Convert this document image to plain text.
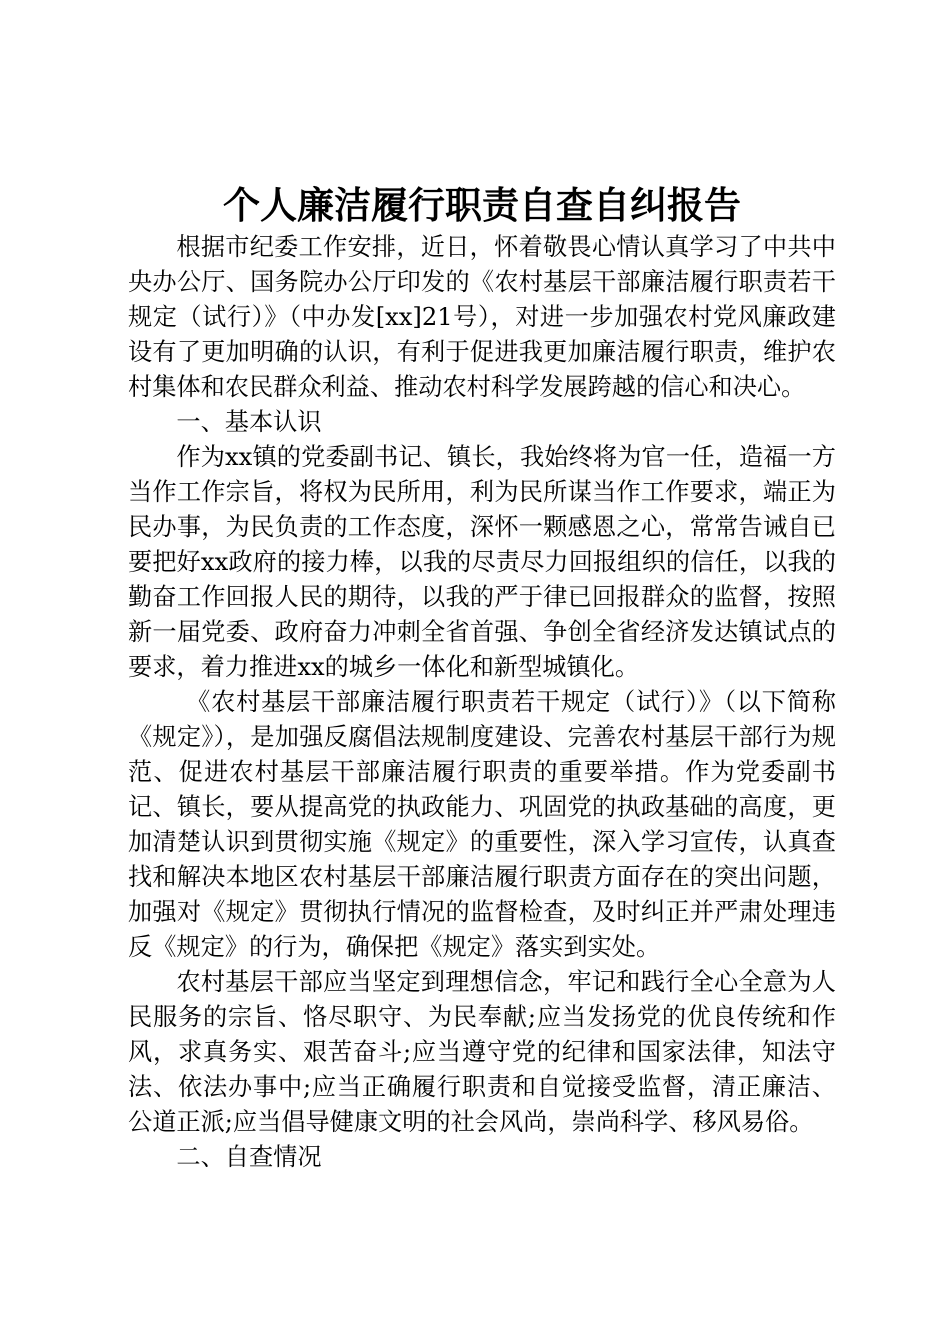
个人廉洁履行职责自查自纠报告

根据市纪委工作安排，近日，怀着敬畏心情认真学习了中共中央办公厅、国务院办公厅印发的《农村基层干部廉洁履行职责若干规定（试行）》（中办发[xx]21号），对进一步加强农村党风廉政建设有了更加明确的认识，有利于促进我更加廉洁履行职责，维护农村集体和农民群众利益、推动农村科学发展跨越的信心和决心。

一、基本认识

作为xx镇的党委副书记、镇长，我始终将为官一任，造福一方当作工作宗旨，将权为民所用，利为民所谋当作工作要求，端正为民办事，为民负责的工作态度，深怀一颗感恩之心，常常告诫自已要把好xx政府的接力棒，以我的尽责尽力回报组织的信任，以我的勤奋工作回报人民的期待，以我的严于律已回报群众的监督，按照新一届党委、政府奋力冲刺全省首强、争创全省经济发达镇试点的要求，着力推进xx的城乡一体化和新型城镇化。

《农村基层干部廉洁履行职责若干规定（试行）》（以下简称《规定》），是加强反腐倡法规制度建设、完善农村基层干部行为规范、促进农村基层干部廉洁履行职责的重要举措。作为党委副书记、镇长，要从提高党的执政能力、巩固党的执政基础的高度，更加清楚认识到贯彻实施《规定》的重要性，深入学习宣传，认真查找和解决本地区农村基层干部廉洁履行职责方面存在的突出问题，加强对《规定》贯彻执行情况的监督检查，及时纠正并严肃处理违反《规定》的行为，确保把《规定》落实到实处。

农村基层干部应当坚定到理想信念，牢记和践行全心全意为人民服务的宗旨、恪尽职守、为民奉献;应当发扬党的优良传统和作风，求真务实、艰苦奋斗;应当遵守党的纪律和国家法律，知法守法、依法办事中;应当正确履行职责和自觉接受监督，清正廉洁、公道正派;应当倡导健康文明的社会风尚，崇尚科学、移风易俗。

二、自查情况
